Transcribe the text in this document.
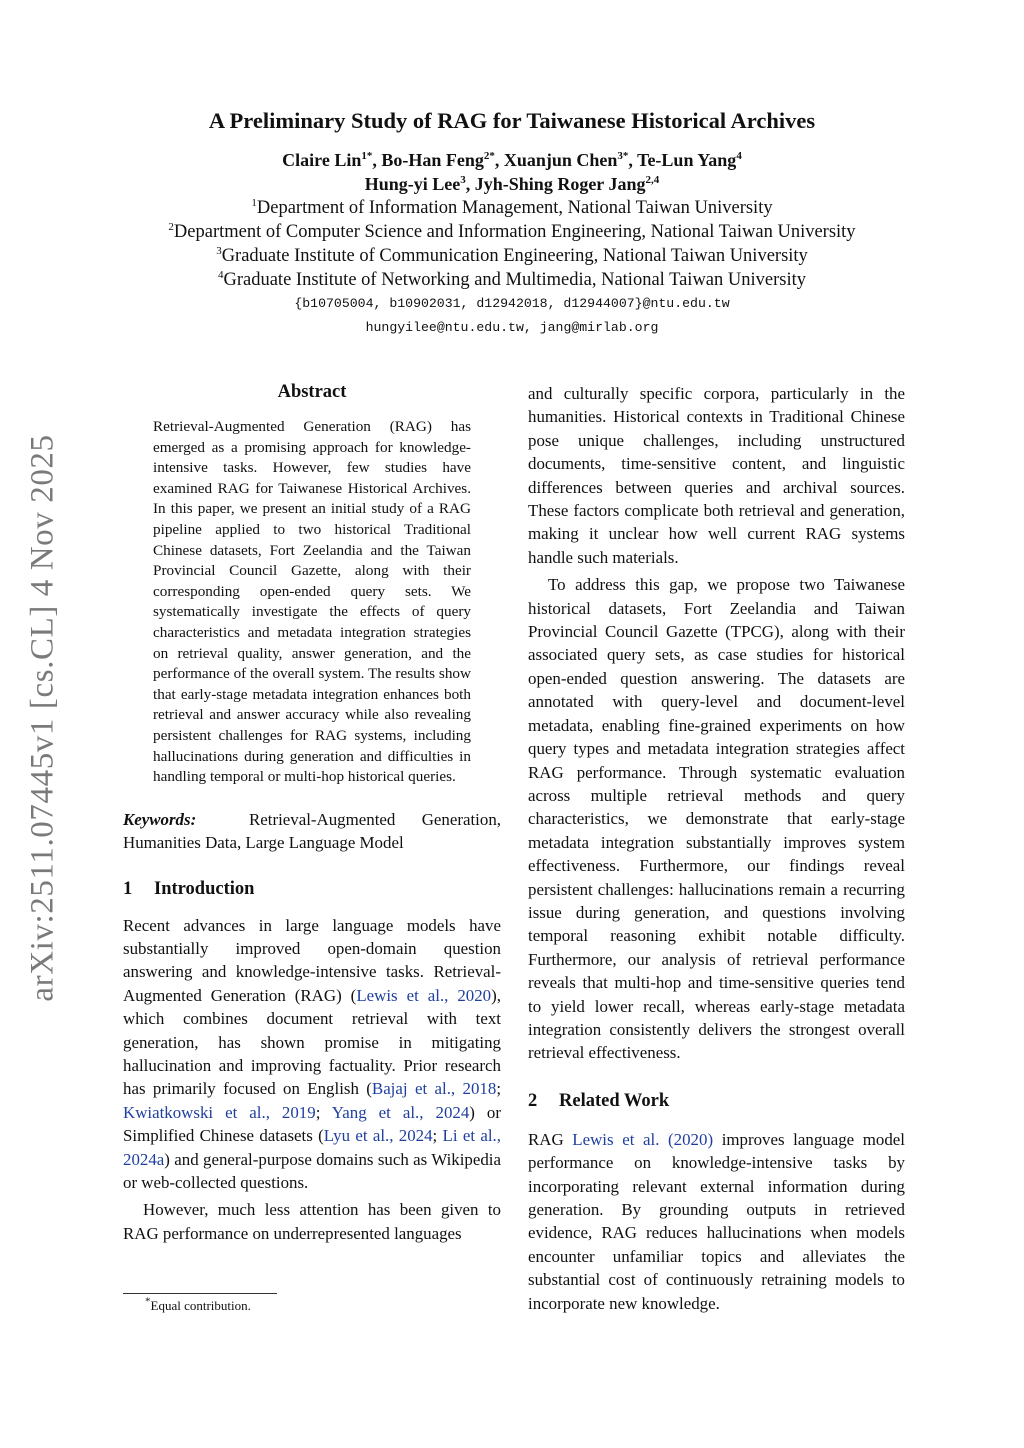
arXiv:2511.07445v1 [cs.CL] 4 Nov 2025
A Preliminary Study of RAG for Taiwanese Historical Archives
Claire Lin$^{1*}$, Bo-Han Feng$^{2*}$, Xuanjun Chen$^{3*}$, Te-Lun Yang$^4$
Hung-yi Lee$^3$, Jyh-Shing Roger Jang$^{2,4}$
$^1$Department of Information Management, National Taiwan University
$^2$Department of Computer Science and Information Engineering, National Taiwan University
$^3$Graduate Institute of Communication Engineering, National Taiwan University
$^4$Graduate Institute of Networking and Multimedia, National Taiwan University
{b10705004, b10902031, d12942018, d12944007}@ntu.edu.tw
hungyilee@ntu.edu.tw, jang@mirlab.org
Abstract

Retrieval-Augmented Generation (RAG) has emerged as a promising approach for knowledge-intensive tasks. However, few studies have examined RAG for Taiwanese Historical Archives. In this paper, we present an initial study of a RAG pipeline applied to two historical Traditional Chinese datasets, Fort Zeelandia and the Taiwan Provincial Council Gazette, along with their corresponding open-ended query sets. We systematically investigate the effects of query characteristics and metadata integration strategies on retrieval quality, answer generation, and the performance of the overall system. The results show that early-stage metadata integration enhances both retrieval and answer accuracy while also revealing persistent challenges for RAG systems, including hallucinations during generation and difficulties in handling temporal or multi-hop historical queries.

Keywords:	Retrieval-Augmented Generation, Humanities Data, Large Language Model

1 Introduction

Recent advances in large language models have substantially improved open-domain question answering and knowledge-intensive tasks. Retrieval-Augmented Generation (RAG) (Lewis et al., 2020), which combines document retrieval with text generation, has shown promise in mitigating hallucination and improving factuality. Prior research has primarily focused on English (Bajaj et al., 2018; Kwiatkowski et al., 2019; Yang et al., 2024) or Simplified Chinese datasets (Lyu et al., 2024; Li et al., 2024a) and general-purpose domains such as Wikipedia or web-collected questions.

However, much less attention has been given to RAG performance on underrepresented languages

and culturally specific corpora, particularly in the humanities. Historical contexts in Traditional Chinese pose unique challenges, including unstructured documents, time-sensitive content, and linguistic differences between queries and archival sources. These factors complicate both retrieval and generation, making it unclear how well current RAG systems handle such materials.

To address this gap, we propose two Taiwanese historical datasets, Fort Zeelandia and Taiwan Provincial Council Gazette (TPCG), along with their associated query sets, as case studies for historical open-ended question answering. The datasets are annotated with query-level and document-level metadata, enabling fine-grained experiments on how query types and metadata integration strategies affect RAG performance. Through systematic evaluation across multiple retrieval methods and query characteristics, we demonstrate that early-stage metadata integration substantially improves system effectiveness. Furthermore, our findings reveal persistent challenges: hallucinations remain a recurring issue during generation, and questions involving temporal reasoning exhibit notable difficulty. Furthermore, our analysis of retrieval performance reveals that multi-hop and time-sensitive queries tend to yield lower recall, whereas early-stage metadata integration consistently delivers the strongest overall retrieval effectiveness.

2 Related Work

RAG Lewis et al. (2020) improves language model performance on knowledge-intensive tasks by incorporating relevant external information during generation. By grounding outputs in retrieved evidence, RAG reduces hallucinations when models encounter unfamiliar topics and alleviates the substantial cost of continuously retraining models to incorporate new knowledge.

*Equal contribution.
